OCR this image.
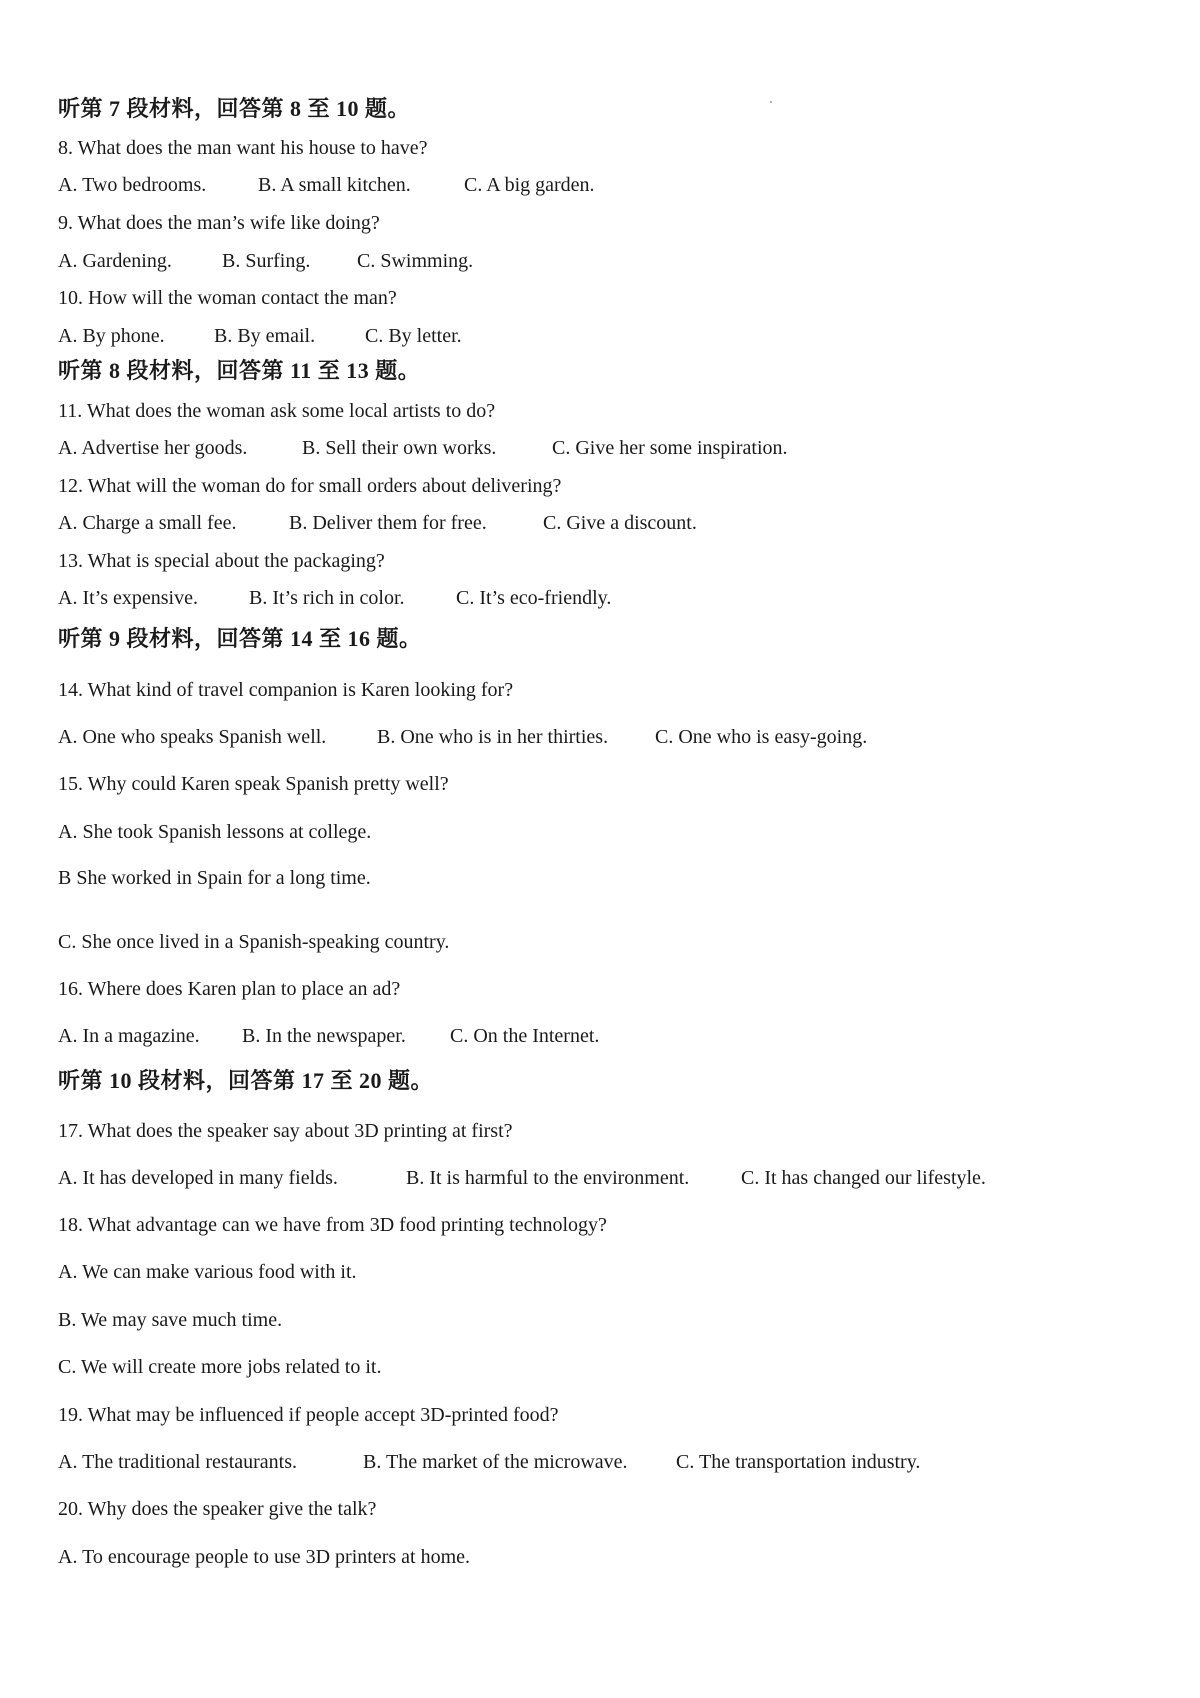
听第 7 段材料，回答第 8 至 10 题。
8. What does the man want his house to have?
A. Two bedrooms.	B. A small kitchen.	C. A big garden.
9. What does the man’s wife like doing?
A. Gardening.	B. Surfing. C. Swimming.
10. How will the woman contact the man?
A. By phone. B. By email. C. By letter.
听第 8 段材料，回答第 11 至 13 题。
11. What does the woman ask some local artists to do?
A. Advertise her goods.	B. Sell their own works.	C. Give her some inspiration.
12. What will the woman do for small orders about delivering?
A. Charge a small fee.	B. Deliver them for free.	C. Give a discount.
13. What is special about the packaging?
A. It’s expensive.	B. It’s rich in color.	C. It’s eco-friendly.
听第 9 段材料，回答第 14 至 16 题。
14. What kind of travel companion is Karen looking for?
A. One who speaks Spanish well.	B. One who is in her thirties. C. One who is easy-going.
15. Why could Karen speak Spanish pretty well?
A. She took Spanish lessons at college.
B She worked in Spain for a long time.
C. She once lived in a Spanish-speaking country.
16. Where does Karen plan to place an ad?
A. In a magazine. B. In the newspaper. C. On the Internet.
听第 10 段材料，回答第 17 至 20 题。
17. What does the speaker say about 3D printing at first?
A. It has developed in many fields.	B. It is harmful to the environment.	C. It has changed our lifestyle.
18. What advantage can we have from 3D food printing technology?
A. We can make various food with it.
B. We may save much time.
C. We will create more jobs related to it.
19. What may be influenced if people accept 3D-printed food?
A. The traditional restaurants.	B. The market of the microwave. C. The transportation industry.
20. Why does the speaker give the talk?
A. To encourage people to use 3D printers at home.
